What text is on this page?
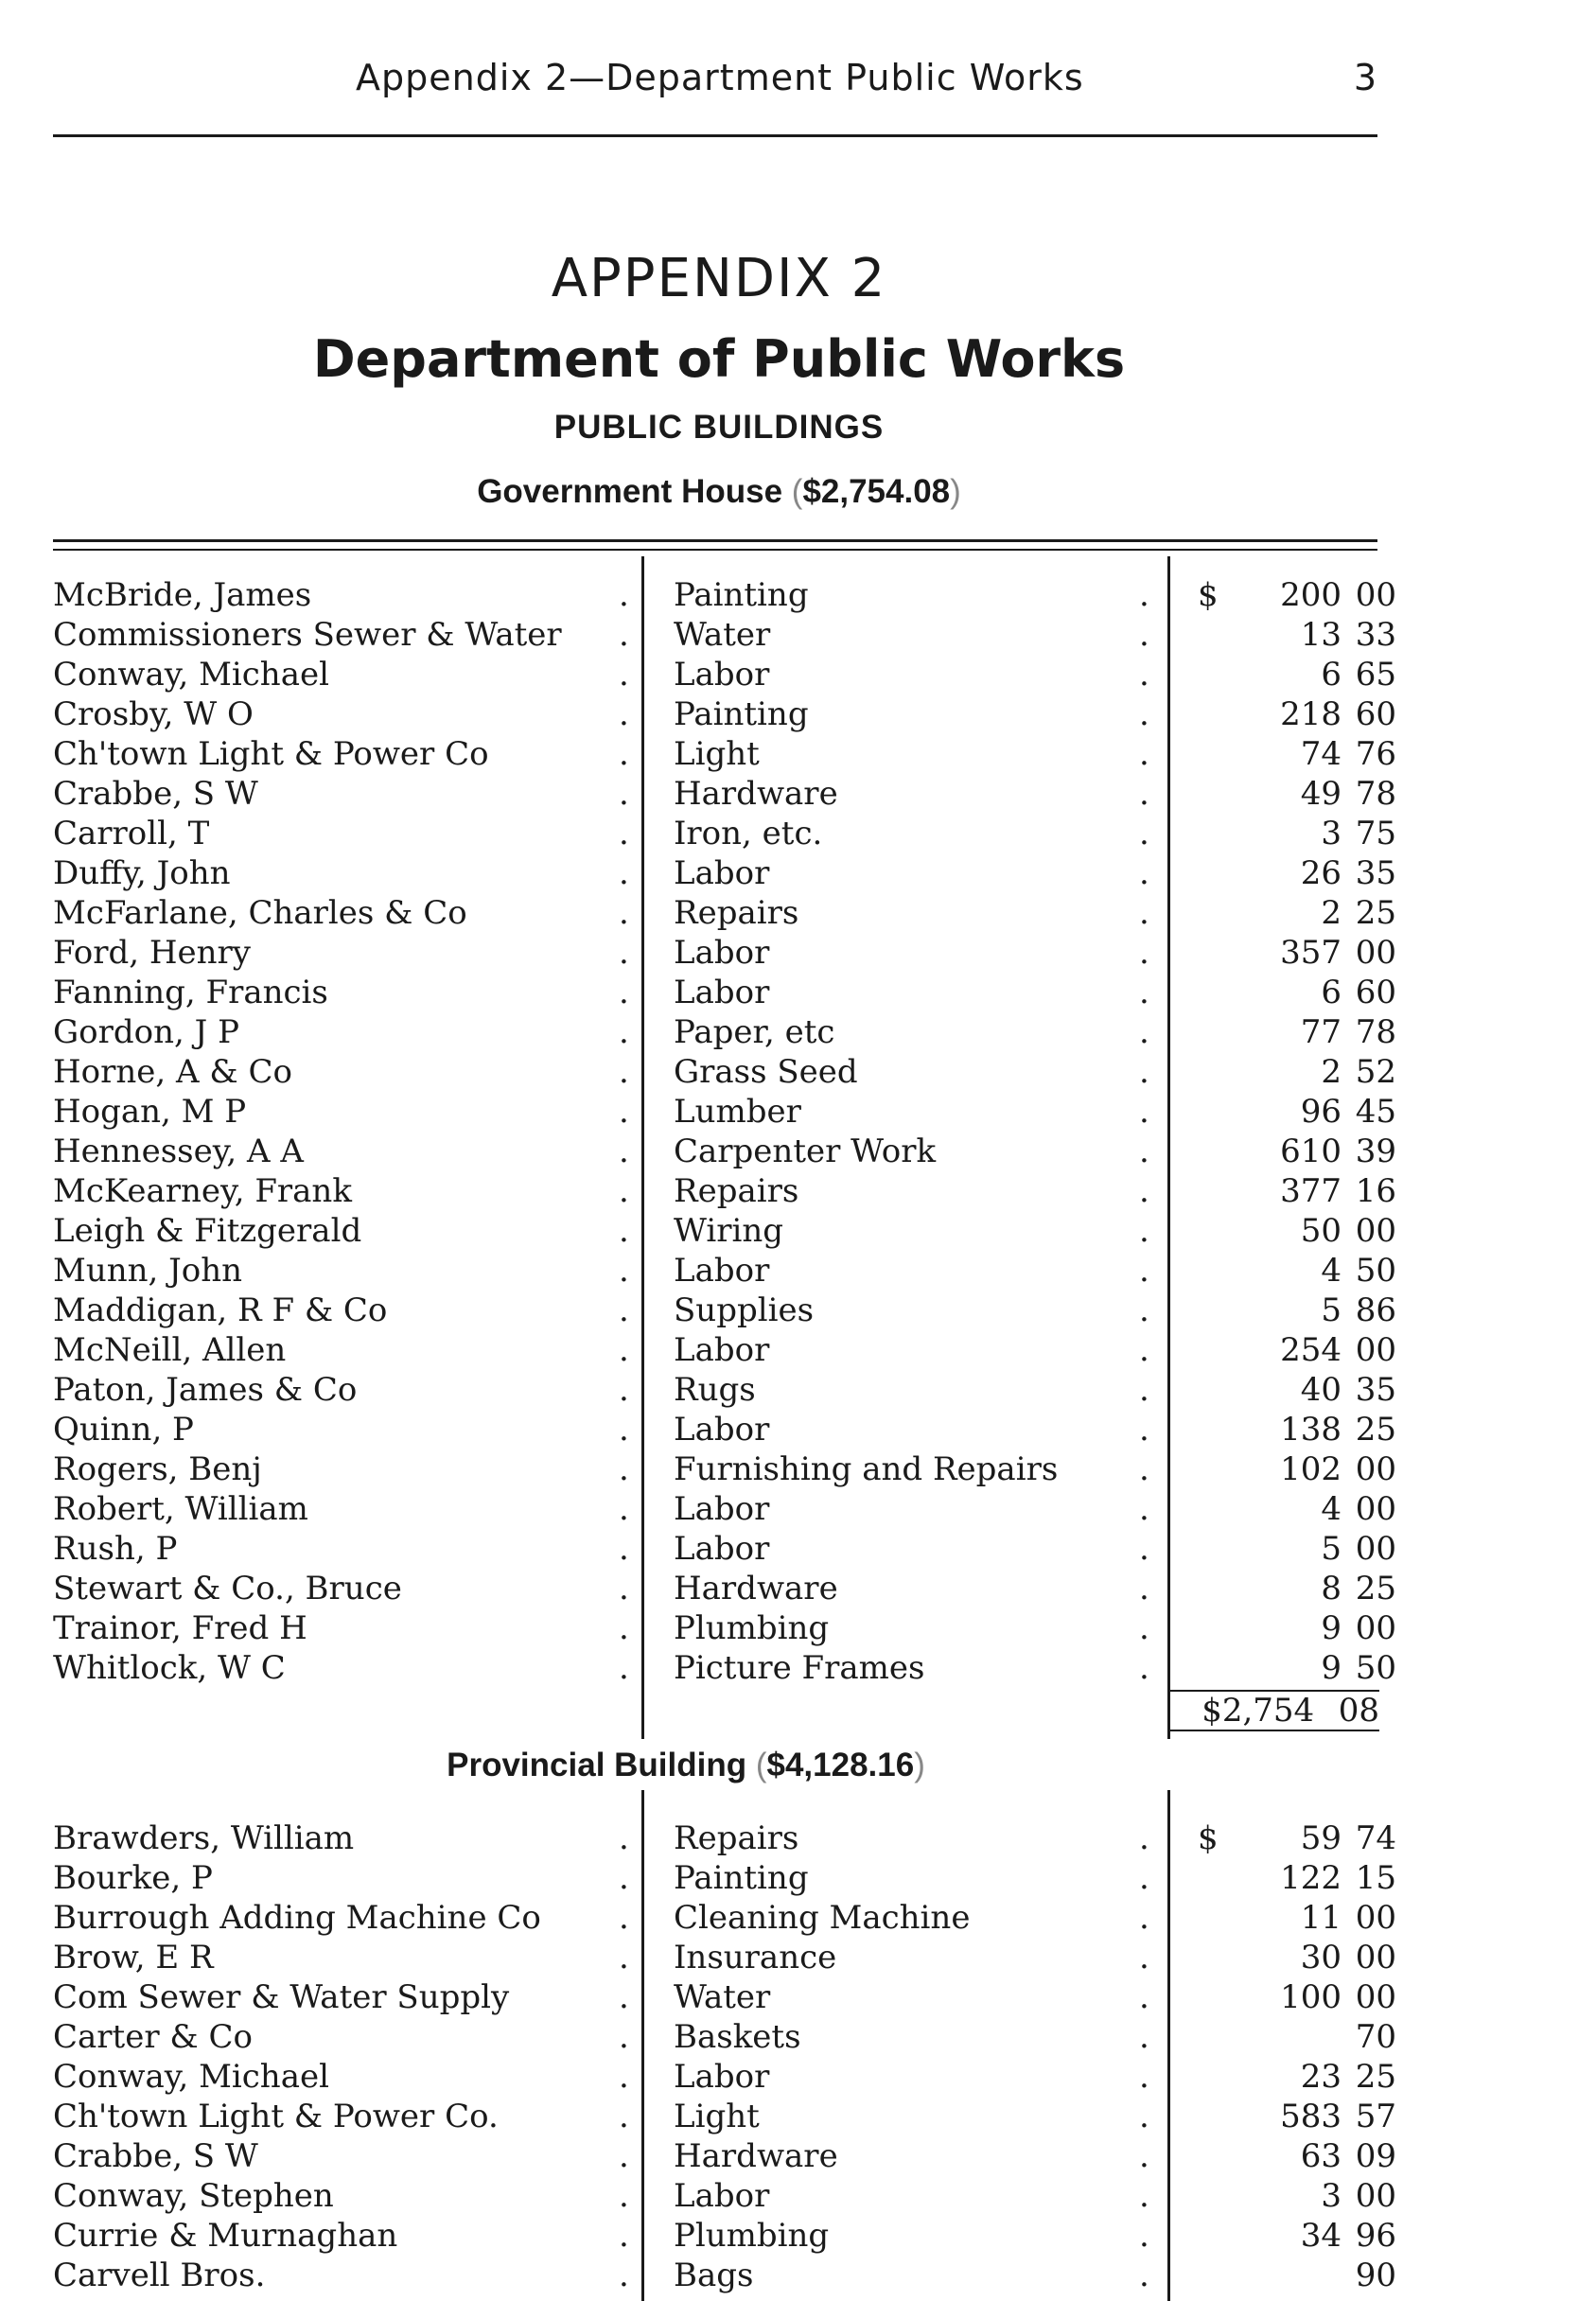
Appendix 2—Department Public Works	3
APPENDIX 2
Department of Public Works
PUBLIC BUILDINGS
Government House ($2,754.08)
McBride, James	. Painting	. $	200 00
Commissioners Sewer & Water . Water	.	13 33
Conway, Michael	. Labor	.	6 65
Crosby, W O	. Painting	.	218 60
Ch'town Light & Power Co	. Light	.	74 76
Crabbe, S W	. Hardware	.	49 78
Carroll, T	. Iron, etc.	.	3 75
Duffy, John	. Labor	.	26 35
McFarlane, Charles & Co	. Repairs	.	2 25
Ford, Henry	. Labor	.	357 00
Fanning, Francis	. Labor	.	6 60
Gordon, J P	. Paper, etc	.	77 78
Horne, A & Co	. Grass Seed	.	2 52
Hogan, M P	. Lumber	.	96 45
Hennessey, A A	. Carpenter Work	.	610 39
McKearney, Frank	. Repairs	.	377 16
Leigh & Fitzgerald	. Wiring	.	50 00
Munn, John	. Labor	.	4 50
Maddigan, R F & Co	. Supplies	.	5 86
McNeill, Allen	. Labor	.	254 00
Paton, James & Co	. Rugs	.	40 35
Quinn, P	. Labor	.	138 25
Rogers, Benj	. Furnishing and Repairs	.	102 00
Robert, William	. Labor	.	4 00
Rush, P	. Labor	.	5 00
Stewart & Co., Bruce	. Hardware	.	8 25
Trainor, Fred H	. Plumbing	.	9 00
Whitlock, W C	. Picture Frames	.	9 50
$2,754 08
Provincial Building ($4,128.16)
Brawders, William	. Repairs	. $	59 74
Bourke, P	. Painting	.	122 15
Burrough Adding Machine Co . Cleaning Machine	.	11 00
Brow, E R	. Insurance	.	30 00
Com Sewer & Water Supply	. Water	.	100 00
Carter & Co	. Baskets	.	70
Conway, Michael	. Labor	.	23 25
Ch'town Light & Power Co.	. Light	.	583 57
Crabbe, S W	. Hardware	.	63 09
Conway, Stephen	. Labor	.	3 00
Currie & Murnaghan	. Plumbing	.	34 96
Carvell Bros.	. Bags	.	90
